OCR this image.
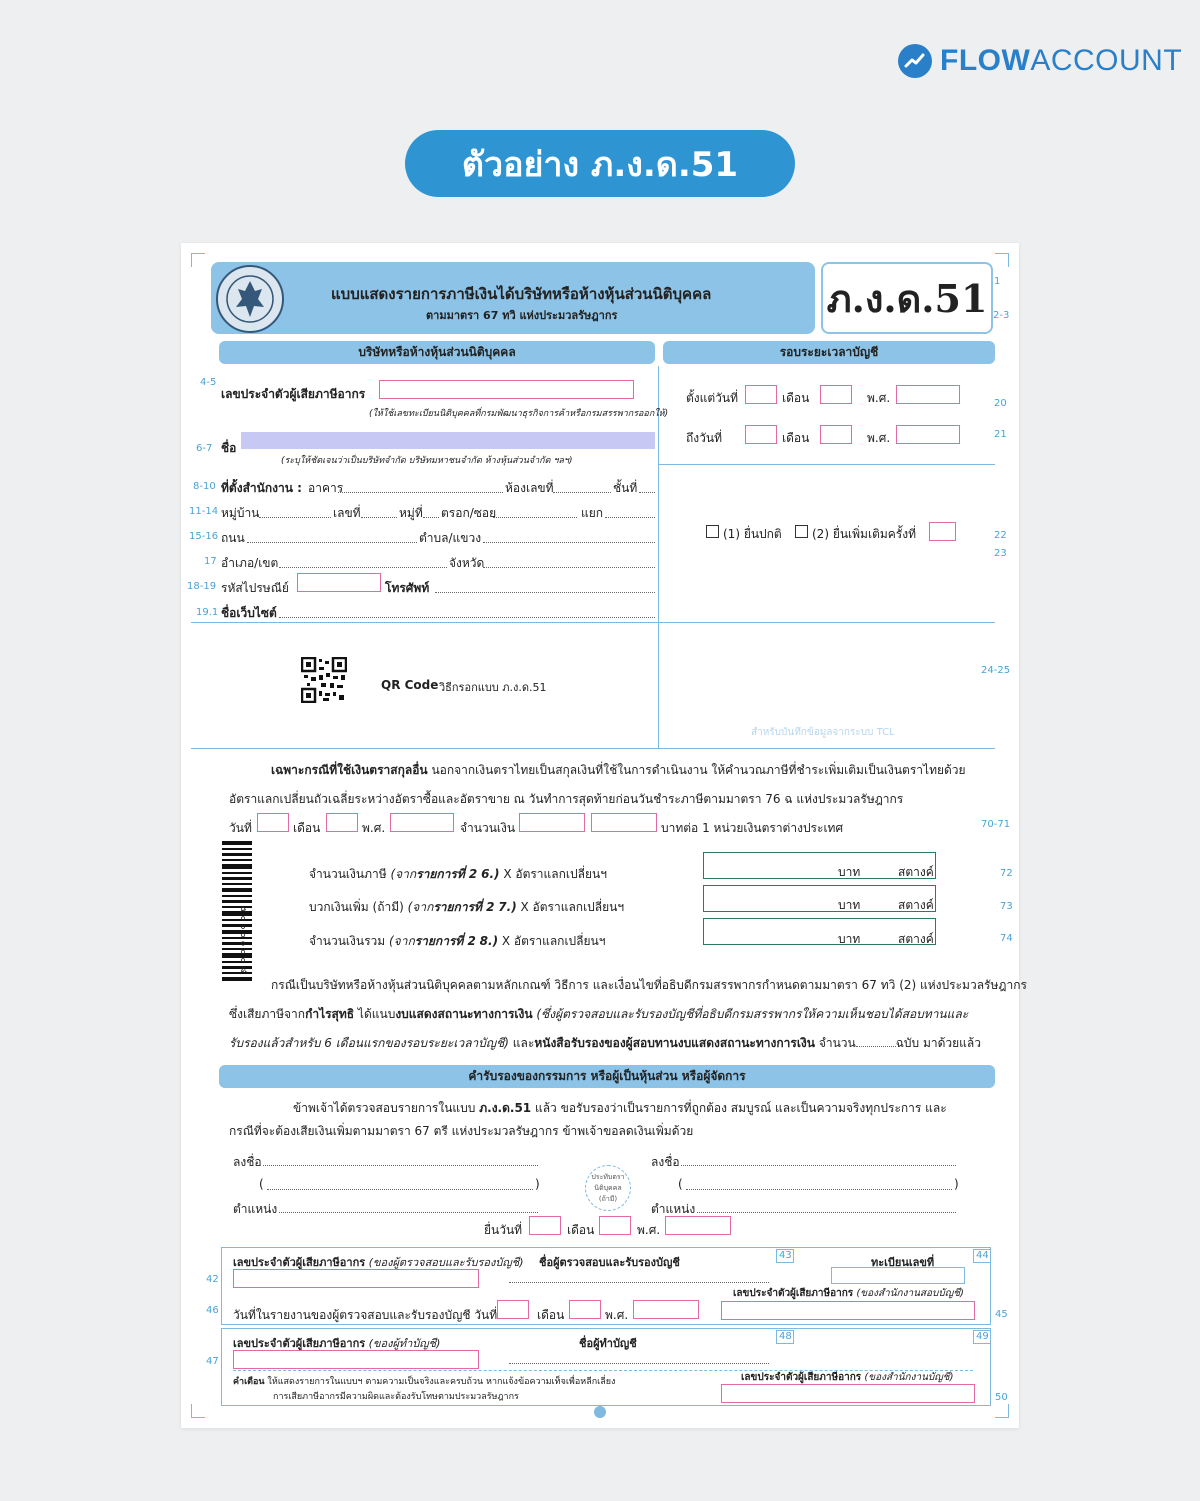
FLOWACCOUNT
ตัวอย่าง ภ.ง.ด.51
แบบแสดงรายการภาษีเงินได้บริษัทหรือห้างหุ้นส่วนนิติบุคคล
ตามมาตรา 67 ทวิ แห่งประมวลรัษฎากร	ภ.ง.ด.51 1
2-3
บริษัทหรือห้างหุ้นส่วนนิติบุคคล	รอบระยะเวลาบัญชี
4-5
เลขประจำตัวผู้เสียภาษีอากร
(ให้ใช้เลขทะเบียนนิติบุคคลที่กรมพัฒนาธุรกิจการค้าหรือกรมสรรพากรออกให้)
6-7 ชื่อ
(ระบุให้ชัดเจนว่าเป็นบริษัทจำกัด บริษัทมหาชนจำกัด ห้างหุ้นส่วนจำกัด ฯลฯ)
8-10 ที่ตั้งสำนักงาน : อาคาร	ห้องเลขที่	ชั้นที่
11-14 หมู่บ้าน	เลขที่	หมู่ที่ ตรอก/ซอย	แยก
15-16 ถนน	ตำบล/แขวง
17 อำเภอ/เขต	จังหวัด
18-19 รหัสไปรษณีย์	โทรศัพท์
19.1 ชื่อเว็บไซต์
QR Code วิธีกรอกแบบ ภ.ง.ด.51
ตั้งแต่วันที่	เดือน	พ.ศ.	20
ถึงวันที่	เดือน	พ.ศ.	21
(1) ยื่นปกติ	(2) ยื่นเพิ่มเติมครั้งที่	22
23
24-25
สำหรับบันทึกข้อมูลจากระบบ TCL
เฉพาะกรณีที่ใช้เงินตราสกุลอื่น นอกจากเงินตราไทยเป็นสกุลเงินที่ใช้ในการดำเนินงาน ให้คำนวณภาษีที่ชำระเพิ่มเติมเป็นเงินตราไทยด้วย
อัตราแลกเปลี่ยนถัวเฉลี่ยระหว่างอัตราซื้อและอัตราขาย ณ วันทำการสุดท้ายก่อนวันชำระภาษีตามมาตรา 76 ฉ แห่งประมวลรัษฎากร
วันที่	เดือน	พ.ศ.	จำนวนเงิน	บาทต่อ 1 หน่วยเงินตราต่างประเทศ	70-71
๕ ๐ ๐ ๐ ๐ ๐ ๐ ๘
จำนวนเงินภาษี (จากรายการที่ 2 6.) X อัตราแลกเปลี่ยนฯ	บาท	สตางค์	72
บวกเงินเพิ่ม (ถ้ามี) (จากรายการที่ 2 7.) X อัตราแลกเปลี่ยนฯ	บาท	สตางค์	73
จำนวนเงินรวม (จากรายการที่ 2 8.) X อัตราแลกเปลี่ยนฯ	บาท	สตางค์	74
กรณีเป็นบริษัทหรือห้างหุ้นส่วนนิติบุคคลตามหลักเกณฑ์ วิธีการ และเงื่อนไขที่อธิบดีกรมสรรพากรกำหนดตามมาตรา 67 ทวิ (2) แห่งประมวลรัษฎากร
ซึ่งเสียภาษีจากกำไรสุทธิ ได้แนบงบแสดงสถานะทางการเงิน (ซึ่งผู้ตรวจสอบและรับรองบัญชีที่อธิบดีกรมสรรพากรให้ความเห็นชอบได้สอบทานและ
รับรองแล้วสำหรับ 6 เดือนแรกของรอบระยะเวลาบัญชี) และหนังสือรับรองของผู้สอบทานงบแสดงสถานะทางการเงิน จำนวน	ฉบับ มาด้วยแล้ว
คำรับรองของกรรมการ หรือผู้เป็นหุ้นส่วน หรือผู้จัดการ
ข้าพเจ้าได้ตรวจสอบรายการในแบบ ภ.ง.ด.51 แล้ว ขอรับรองว่าเป็นรายการที่ถูกต้อง สมบูรณ์ และเป็นความจริงทุกประการ และ
กรณีที่จะต้องเสียเงินเพิ่มตามมาตรา 67 ตรี แห่งประมวลรัษฎากร ข้าพเจ้าขอลดเงินเพิ่มด้วย
ลงชื่อ
(	)
ตำแหน่ง
ประทับตรา
นิติบุคคล
(ถ้ามี)
ลงชื่อ
(	)
ตำแหน่ง
ยื่นวันที่	เดือน	พ.ศ.
42
เลขประจำตัวผู้เสียภาษีอากร (ของผู้ตรวจสอบและรับรองบัญชี) ชื่อผู้ตรวจสอบและรับรองบัญชี
43
ทะเบียนเลขที่
44
เลขประจำตัวผู้เสียภาษีอากร (ของสำนักงานสอบบัญชี)
45
46 วันที่ในรายงานของผู้ตรวจสอบและรับรองบัญชี วันที่	เดือน	พ.ศ.
47
เลขประจำตัวผู้เสียภาษีอากร (ของผู้ทำบัญชี)	ชื่อผู้ทำบัญชี
48	49
คำเตือน ให้แสดงรายการในแบบฯ ตามความเป็นจริงและครบถ้วน หากแจ้งข้อความเท็จเพื่อหลีกเลี่ยง
การเสียภาษีอากรมีความผิดและต้องรับโทษตามประมวลรัษฎากร
เลขประจำตัวผู้เสียภาษีอากร (ของสำนักงานบัญชี)
50
